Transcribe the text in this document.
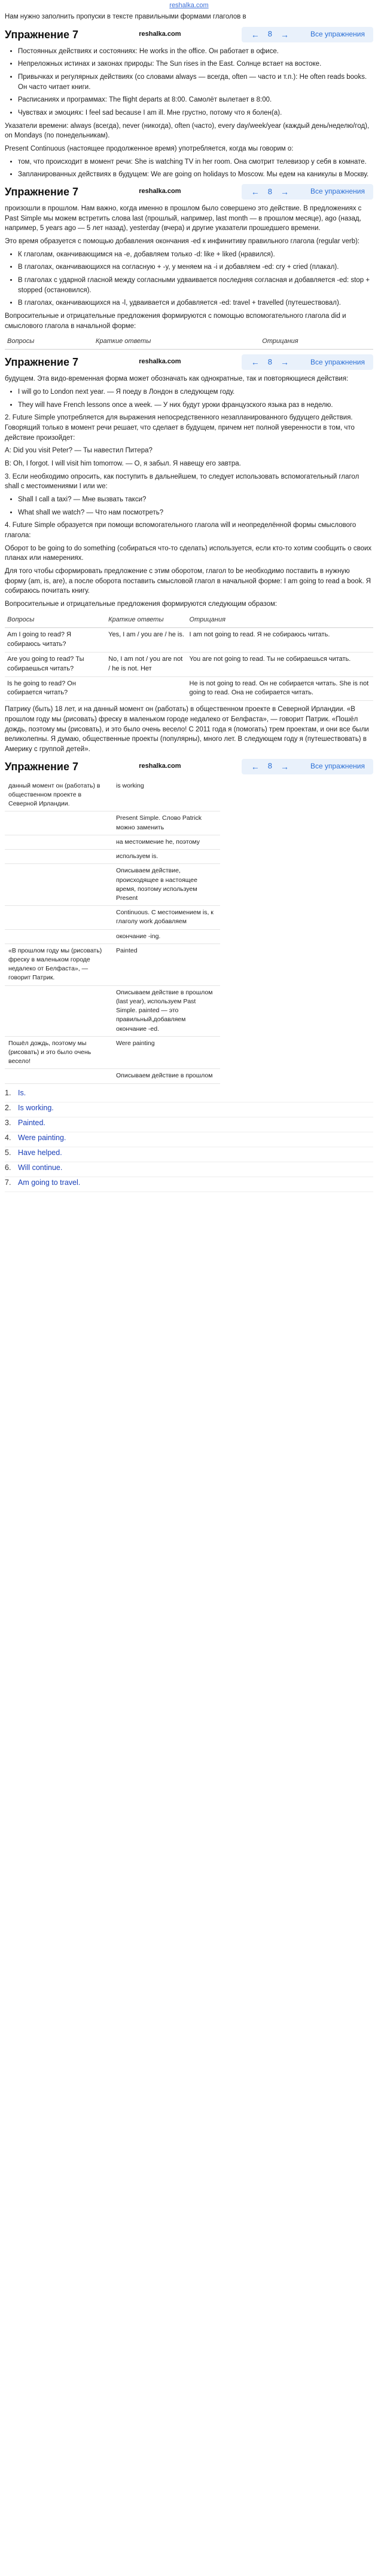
reshalka.com
Нам нужно заполнить пропуски в тексте правильными формами глаголов в
Упражнение 7	reshalka.com	←	8	→	Все упражнения
• Постоянных действиях и состояниях: He works in the office. Он работает в офисе.
• Непреложных истинах и законах природы: The Sun rises in the East. Солнце встает на востоке.
• Привычках и регулярных действиях (со словами always — всегда, often — часто и т.п.): He often reads books. Он часто читает книги.
• Расписаниях и программах: The flight departs at 8:00. Самолёт вылетает в 8:00.
• Чувствах и эмоциях: I feel sad because I am ill. Мне грустно, потому что я болен(а).

Указатели времени: always (всегда), never (никогда), often (часто), every day/week/year (каждый день/неделю/год), on Mondays (по понедельникам).

Present Continuous (настоящее продолженное время) употребляется, когда мы говорим о:

• том, что происходит в момент речи: She is watching TV in her room. Она смотрит телевизор у себя в комнате.
• Запланированных действиях в будущем: We are going on holidays to Moscow. Мы едем на каникулы в Москву.
Упражнение 7	reshalka.com	←	8	→	Все упражнения

произошли в прошлом. Нам важно, когда именно в прошлом было совершено это действие. В предложениях с Past Simple мы можем встретить слова last (прошлый, например, last month — в прошлом месяце), ago (назад, например, 5 years ago — 5 лет назад), yesterday (вчера) и другие указатели прошедшего времени.

Это время образуется с помощью добавления окончания -ed к инфинитиву правильного глагола (regular verb):

• К глаголам, оканчивающимся на -e, добавляем только -d: like + liked (нравился).
• В глаголах, оканчивающихся на согласную + -y, y меняем на -i и добавляем -ed: cry + cried (плакал).
• В глаголах с ударной гласной между согласными удваивается последняя согласная и добавляется -ed: stop + stopped (остановился).
• В глаголах, оканчивающихся на -l, удваивается и добавляется -ed: travel + travelled (путешествовал).

Вопросительные и отрицательные предложения формируются с помощью вспомогательного глагола did и смыслового глагола в начальной форме:

Вопросы	Краткие ответы	Отрицания
Упражнение 7	reshalka.com	←	8	→	Все упражнения

будущем. Эта видо-временная форма может обозначать как однократные, так и повторяющиеся действия:

• I will go to London next year. — Я поеду в Лондон в следующем году.
• They will have French lessons once a week. — У них будут уроки французского языка раз в неделю.

2. Future Simple употребляется для выражения непосредственного незапланированного будущего действия. Говорящий только в момент речи решает, что сделает в будущем, причем нет полной уверенности в том, что действие произойдет:

A: Did you visit Peter? — Ты навестил Питера?

B: Oh, I forgot. I will visit him tomorrow. — О, я забыл. Я навещу его завтра.

3. Если необходимо опросить, как поступить в дальнейшем, то следует использовать вспомогательный глагол shall с местоимениями I или we:

• Shall I call a taxi? — Мне вызвать такси?
• What shall we watch? — Что нам посмотреть?

4. Future Simple образуется при помощи вспомогательного глагола will и неопределённой формы смыслового глагола:

Оборот to be going to do something (собираться что-то сделать) используется, если кто-то хотим сообщить о своих планах или намерениях.

Для того чтобы сформировать предложение с этим оборотом, глагол to be необходимо поставить в нужную форму (am, is, are), а после оборота поставить смысловой глагол в начальной форме: I am going to read a book. Я собираюсь почитать книгу.

Вопросительные и отрицательные предложения формируются следующим образом:

Вопросы	Краткие ответы	Отрицания
Am I going to read? Я собираюсь читать?	Yes, I am / you are / he is.	I am not going to read. Я не собираюсь читать.
Are you going to read? Ты собираешься читать?	No, I am not / you are not / he is not. Нет	You are not going to read. Ты не собираешься читать.
Is he going to read? Он собирается читать?		He is not going to read. Он не собирается читать. She is not going to read. Она не собирается читать.

Патрику (быть) 18 лет, и на данный момент он (работать) в общественном проекте в Северной Ирландии. «В прошлом году мы (рисовать) фреску в маленьком городе недалеко от Белфаста», — говорит Патрик. «Пошёл дождь, поэтому мы (рисовать), и это было очень весело! С 2011 года я (помогать) трем проектам, и они все были великолепны. Я думаю, общественные проекты (популярны), много лет. В следующем году я (путешествовать) в Америку с группой детей».

Упражнение 7	reshalka.com	←	8	→	Все упражнения
данный момент он (работать) в общественном проекте в Северной Ирландии.	is working
	Present Simple. Слово Patrick можно заменить
	на местоимение he, поэтому
	используем is.
	Описываем действие, происходящее в настоящее время, поэтому используем Present
	Continuous. С местоимением is, к глаголу work добавляем
	окончание -ing.
«В прошлом году мы (рисовать) фреску в маленьком городе недалеко от Белфаста», — говорит Патрик.	Painted
	Описываем действие в прошлом (last year), используем Past Simple. painted — это правильный,добавляем окончание -ed.
Пошёл дождь, поэтому мы (рисовать) и это было очень весело!	Were painting
	Описываем действие в прошлом
1. Is.
2. Is working.
3. Painted.
4. Were painting.
5. Have helped.
6. Will continue.
7. Am going to travel.
